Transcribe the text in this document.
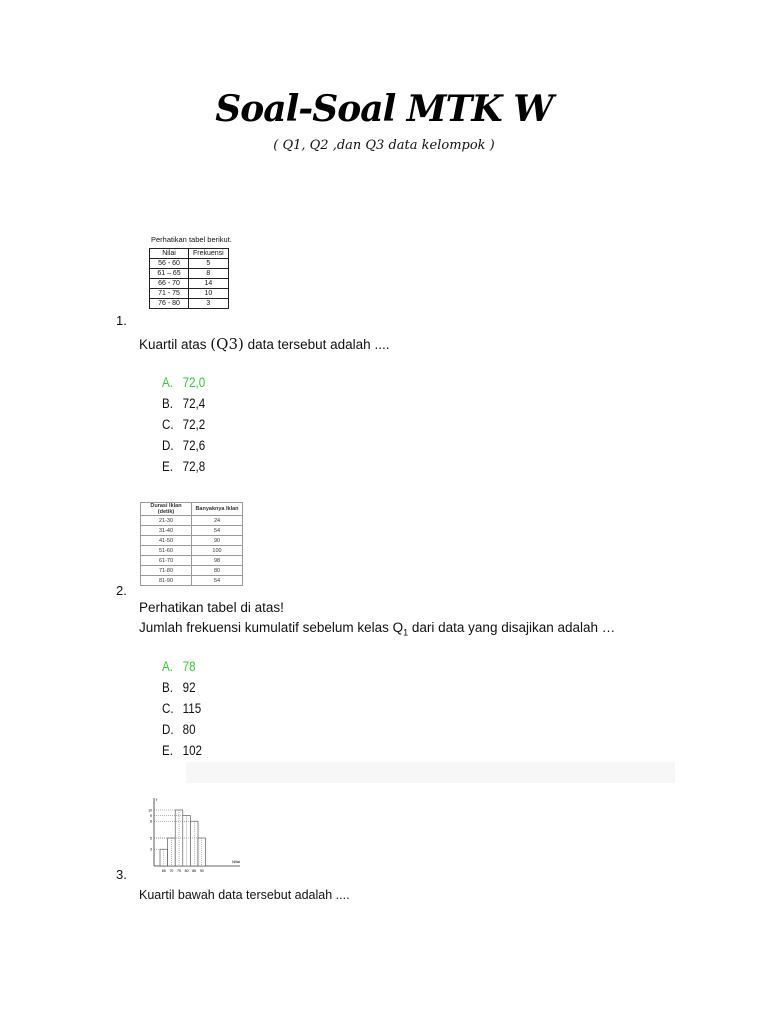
Soal-Soal MTK W
( Q1, Q2 ,dan Q3 data kelompok )
Perhatikan tabel berikut.
Nilai	Frekuensi
56 - 60	5
61 – 65	8
66 - 70	14
71 - 75	10
76 - 80	3
1.
Kuartil atas (Q3) data tersebut adalah ....
A. 72,0
B. 72,4
C. 72,2
D. 72,6
E. 72,8
Durasi Iklan (detik)	Banyaknya Iklan
21-30	24
31-40	54
41-50	90
51-60	100
61-70	98
71-80	80
81-90	54
2.
Perhatikan tabel di atas!
Jumlah frekuensi kumulatif sebelum kelas $Q_1$ dari data yang disajikan adalah …
A. 78
B. 92
C. 115
D. 80
E. 102
f
10
9
8
5
3
65 70 75 80 85 90
Nilai
3.
Kuartil bawah data tersebut adalah ....
